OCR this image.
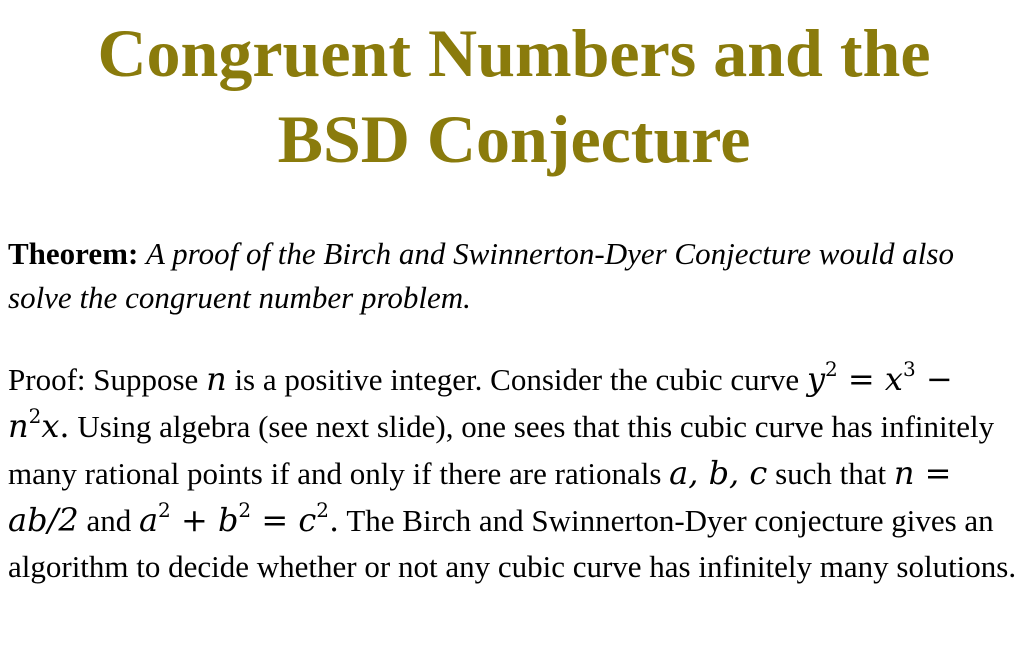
Congruent Numbers and the
BSD Conjecture
Theorem: A proof of the Birch and Swinnerton-Dyer Conjecture would also solve the congruent number problem.
Proof: Suppose n is a positive integer. Consider the cubic curve $y^2 = x^3 - n^2x$. Using algebra (see next slide), one sees that this cubic curve has infinitely many rational points if and only if there are rationals a, b, c such that n = ab/2 and $a^2 + b^2 = c^2$. The Birch and Swinnerton-Dyer conjecture gives an algorithm to decide whether or not any cubic curve has infinitely many solutions.
